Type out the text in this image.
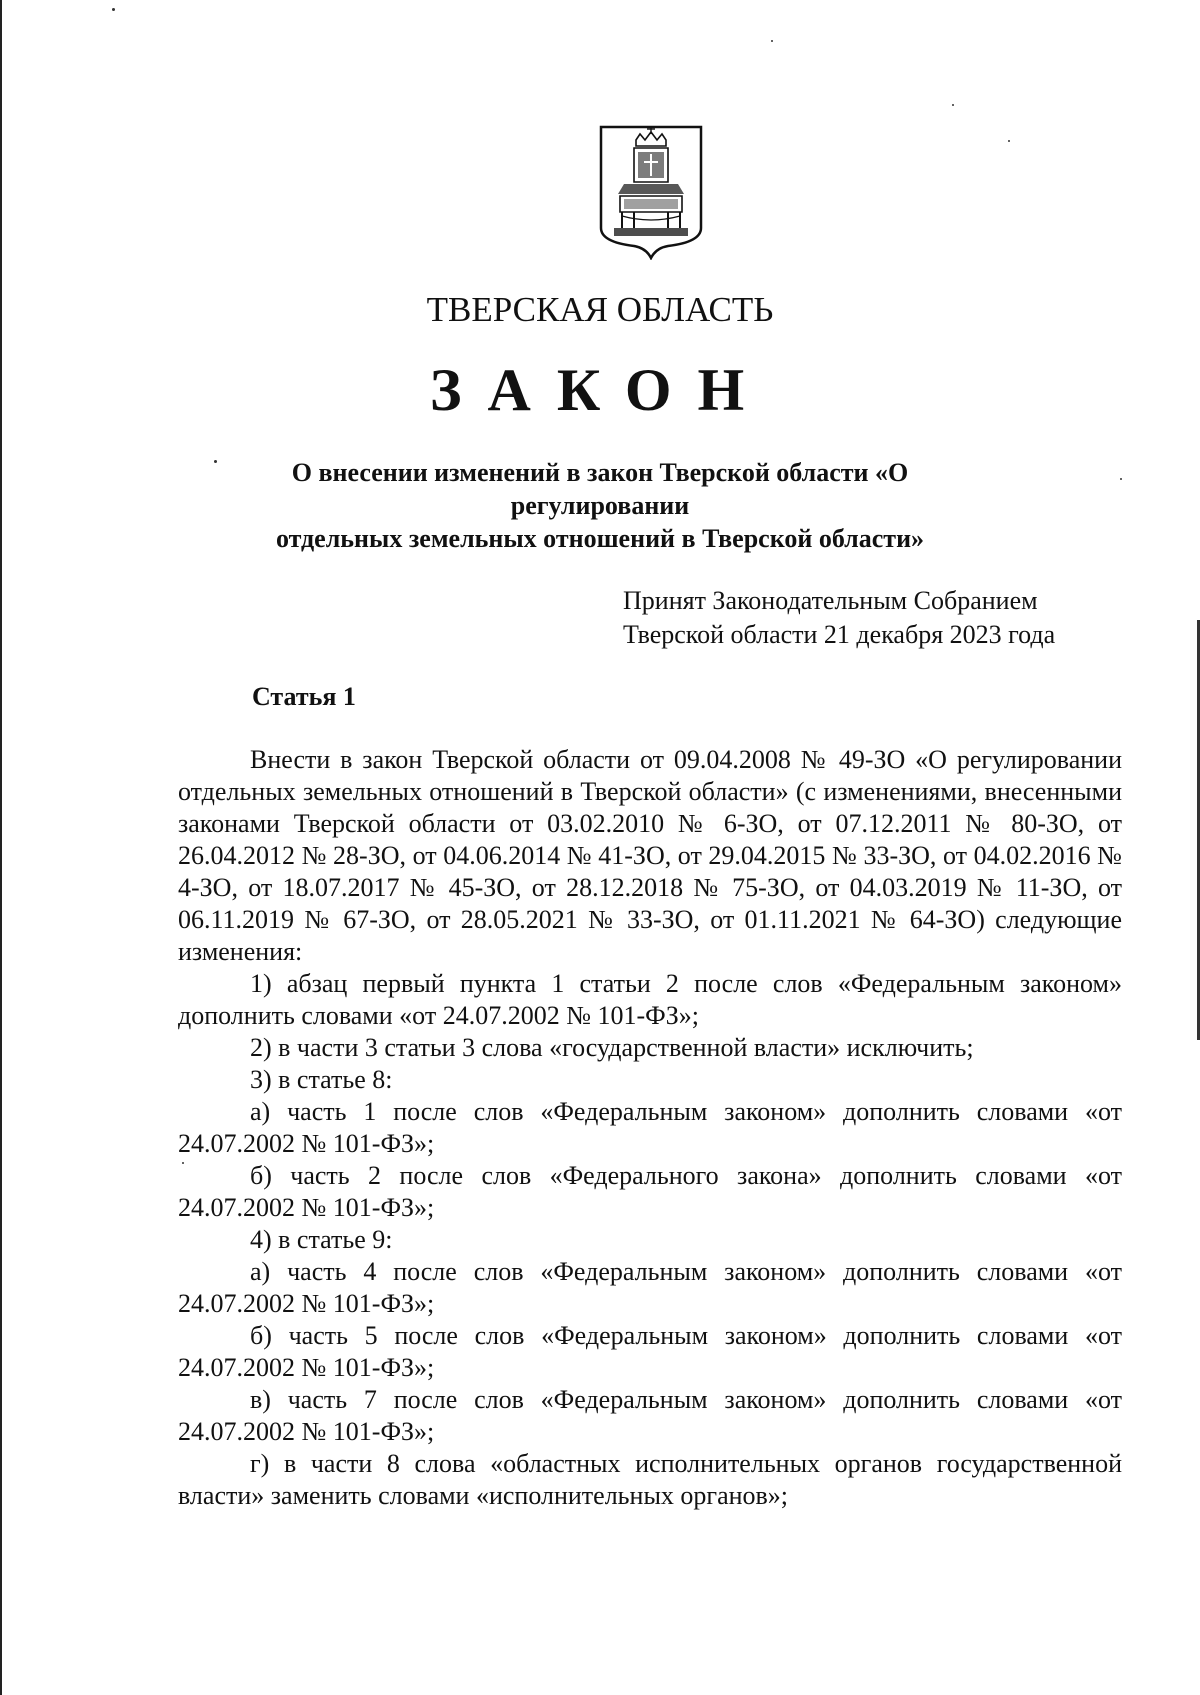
ТВЕРСКАЯ ОБЛАСТЬ
ЗАКОН
О внесении изменений в закон Тверской области «О регулировании
отдельных земельных отношений в Тверской области»
Принят Законодательным Собранием
Тверской области 21 декабря 2023 года
Статья 1

Внести в закон Тверской области от 09.04.2008 № 49-ЗО «О регулировании отдельных земельных отношений в Тверской области» (с изменениями, внесенными законами Тверской области от 03.02.2010 № 6-ЗО, от 07.12.2011 № 80-ЗО, от 26.04.2012 № 28-ЗО, от 04.06.2014 № 41-ЗО, от 29.04.2015 № 33-ЗО, от 04.02.2016 № 4-ЗО, от 18.07.2017 № 45-ЗО, от 28.12.2018 № 75-ЗО, от 04.03.2019 № 11-ЗО, от 06.11.2019 № 67-ЗО, от 28.05.2021 № 33-ЗО, от 01.11.2021 № 64-ЗО) следующие изменения:

1) абзац первый пункта 1 статьи 2 после слов «Федеральным законом» дополнить словами «от 24.07.2002 № 101-ФЗ»;

2) в части 3 статьи 3 слова «государственной власти» исключить;

3) в статье 8:

а) часть 1 после слов «Федеральным законом» дополнить словами «от 24.07.2002 № 101-ФЗ»;

б) часть 2 после слов «Федерального закона» дополнить словами «от 24.07.2002 № 101-ФЗ»;

4) в статье 9:

а) часть 4 после слов «Федеральным законом» дополнить словами «от 24.07.2002 № 101-ФЗ»;

б) часть 5 после слов «Федеральным законом» дополнить словами «от 24.07.2002 № 101-ФЗ»;

в) часть 7 после слов «Федеральным законом» дополнить словами «от 24.07.2002 № 101-ФЗ»;

г) в части 8 слова «областных исполнительных органов государственной власти» заменить словами «исполнительных органов»;
